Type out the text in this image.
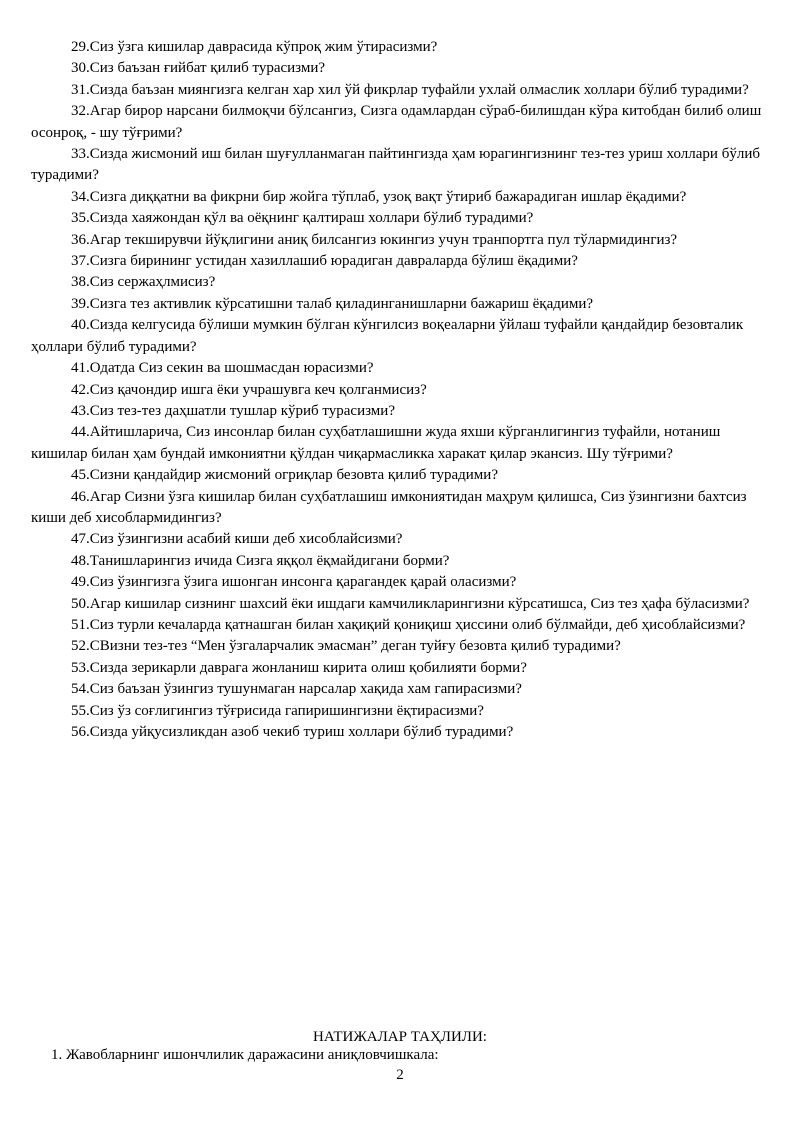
29.Сиз ўзга кишилар даврасида кўпроқ жим ўтирасизми?
30.Сиз баъзан ғийбат қилиб турасизми?
31.Сизда баъзан миянгизга келган хар хил ўй фикрлар туфайли ухлай олмаслик холлари бўлиб турадими?
32.Агар бирор нарсани билмоқчи бўлсангиз, Сизга одамлардан сўраб-билишдан кўра китобдан билиб олиш осонроқ, - шу тўғрими?
33.Сизда жисмоний иш билан шуғулланмаган пайтингизда ҳам юрагингизнинг тез-тез уриш холлари бўлиб турадими?
34.Сизга диққатни ва фикрни бир жойга тўплаб, узоқ вақт ўтириб бажарадиган ишлар ёқадими?
35.Сизда хаяжондан қўл ва оёқнинг қалтираш холлари бўлиб турадими?
36.Агар текширувчи йўқлигини аниқ билсангиз юкингиз учун транпортга пул тўлармидингиз?
37.Сизга бирининг устидан хазиллашиб юрадиган давраларда бўлиш ёқадими?
38.Сиз сержаҳлмисиз?
39.Сизга тез активлик кўрсатишни талаб қиладинганишларни бажариш ёқадими?
40.Сизда келгусида бўлиши мумкин бўлган кўнгилсиз воқеаларни ўйлаш туфайли қандайдир безовталик ҳоллари бўлиб турадими?
41.Одатда Сиз секин ва шошмасдан юрасизми?
42.Сиз қачондир ишга ёки учрашувга кеч қолганмисиз?
43.Сиз тез-тез даҳшатли тушлар кўриб турасизми?
44.Айтишларича, Сиз инсонлар билан суҳбатлашишни жуда яхши кўрганлигингиз туфайли, нотаниш кишилар билан ҳам бундай имкониятни қўлдан чиқармасликка харакат қилар экансиз. Шу тўғрими?
45.Сизни қандайдир жисмоний огриқлар безовта қилиб турадими?
46.Агар Сизни ўзга кишилар билан суҳбатлашиш имкониятидан маҳрум қилишса, Сиз ўзингизни бахтсиз киши деб хисоблармидингиз?
47.Сиз ўзингизни асабий киши деб хисоблайсизми?
48.Танишларингиз ичида Сизга яққол ёқмайдигани борми?
49.Сиз ўзингизга ўзига ишонган инсонга қарагандек қарай оласизми?
50.Агар кишилар сизнинг шахсий ёки ишдаги камчиликларингизни кўрсатишса, Сиз тез ҳафа бўласизми?
51.Сиз турли кечаларда қатнашган билан хақиқий қониқиш ҳиссини олиб бўлмайди, деб ҳисоблайсизми?
52.СВизни тез-тез “Мен ўзгаларчалик эмасман” деган туйғу безовта қилиб турадими?
53.Сизда зерикарли даврага жонланиш кирита олиш қобилияти борми?
54.Сиз баъзан ўзингиз тушунмаган нарсалар хақида хам гапирасизми?
55.Сиз ўз соғлигингиз тўғрисида гапиришингизни ёқтирасизми?
56.Сизда уйқусизликдан азоб чекиб туриш холлари бўлиб турадими?

НАТИЖАЛАР ТАҲЛИЛИ:

1. Жавобларнинг ишончлилик даражасини аниқловчишкала:

2
